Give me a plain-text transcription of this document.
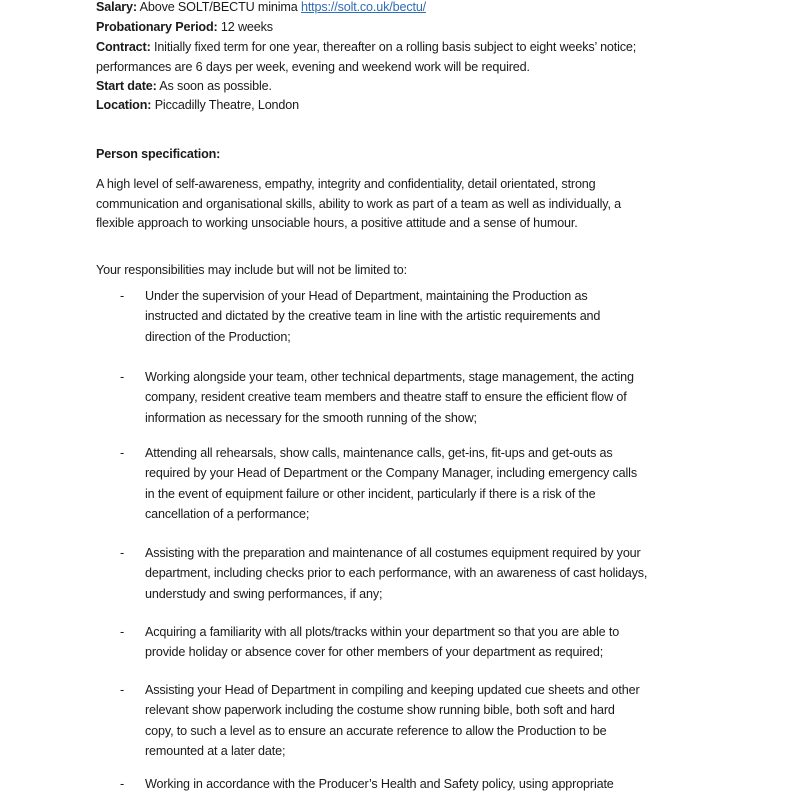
Salary: Above SOLT/BECTU minima https://solt.co.uk/bectu/
Probationary Period: 12 weeks
Contract: Initially fixed term for one year, thereafter on a rolling basis subject to eight weeks’ notice;
performances are 6 days per week, evening and weekend work will be required.
Start date: As soon as possible.
Location: Piccadilly Theatre, London
Person specification:
A high level of self-awareness, empathy, integrity and confidentiality, detail orientated, strong
communication and organisational skills, ability to work as part of a team as well as individually, a
flexible approach to working unsociable hours, a positive attitude and a sense of humour.
Your responsibilities may include but will not be limited to:
-	Under the supervision of your Head of Department, maintaining the Production as
instructed and dictated by the creative team in line with the artistic requirements and
direction of the Production;
-	Working alongside your team, other technical departments, stage management, the acting
company, resident creative team members and theatre staff to ensure the efficient flow of
information as necessary for the smooth running of the show;
-	Attending all rehearsals, show calls, maintenance calls, get-ins, fit-ups and get-outs as
required by your Head of Department or the Company Manager, including emergency calls
in the event of equipment failure or other incident, particularly if there is a risk of the
cancellation of a performance;
-	Assisting with the preparation and maintenance of all costumes equipment required by your
department, including checks prior to each performance, with an awareness of cast holidays,
understudy and swing performances, if any;
-	Acquiring a familiarity with all plots/tracks within your department so that you are able to
provide holiday or absence cover for other members of your department as required;
-	Assisting your Head of Department in compiling and keeping updated cue sheets and other
relevant show paperwork including the costume show running bible, both soft and hard
copy, to such a level as to ensure an accurate reference to allow the Production to be
remounted at a later date;
-	Working in accordance with the Producer’s Health and Safety policy, using appropriate
